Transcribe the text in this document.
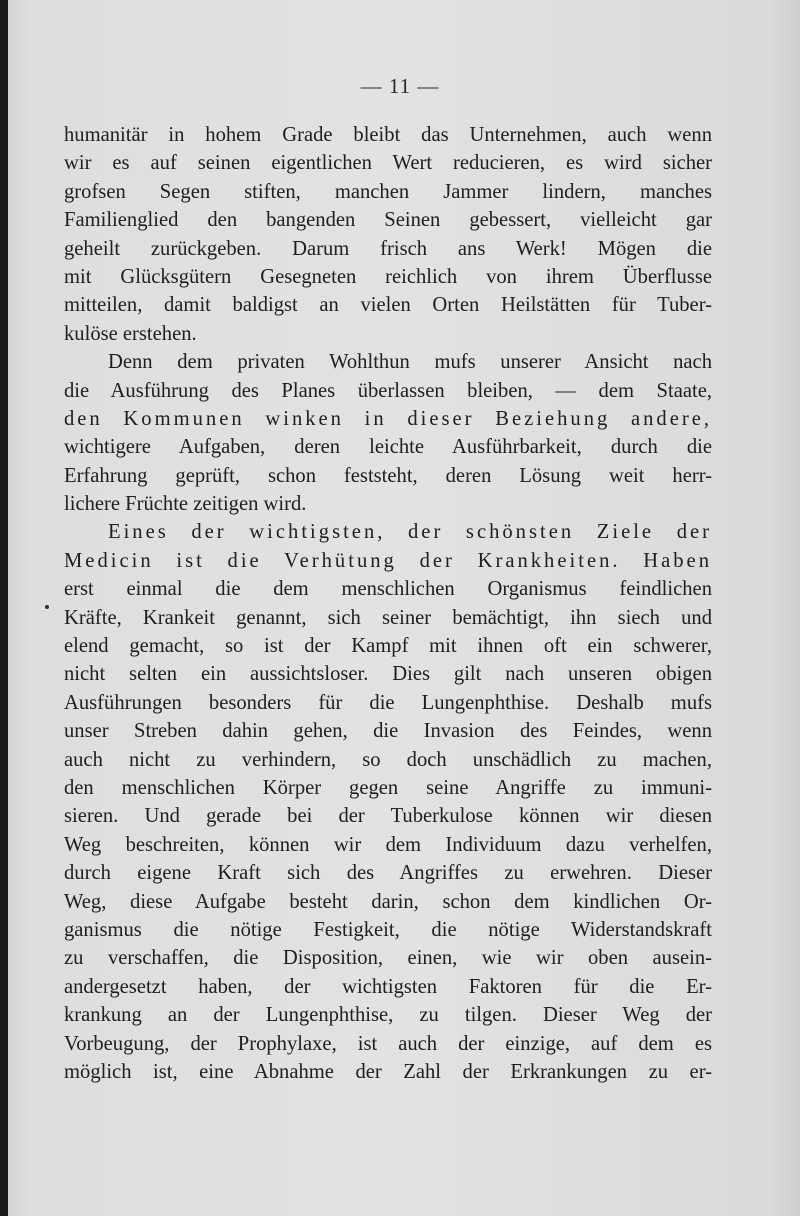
— 11 —
humanitär in hohem Grade bleibt das Unternehmen, auch wenn
wir es auf seinen eigentlichen Wert reducieren, es wird sicher
grofsen Segen stiften, manchen Jammer lindern, manches
Familienglied den bangenden Seinen gebessert, vielleicht gar
geheilt zurückgeben. Darum frisch ans Werk! Mögen die
mit Glücksgütern Gesegneten reichlich von ihrem Überflusse
mitteilen, damit baldigst an vielen Orten Heilstätten für Tuber-
kulöse erstehen.
Denn dem privaten Wohlthun mufs unserer Ansicht nach
die Ausführung des Planes überlassen bleiben, — dem Staate,
den Kommunen winken in dieser Beziehung andere,
wichtigere Aufgaben, deren leichte Ausführbarkeit, durch die
Erfahrung geprüft, schon feststeht, deren Lösung weit herr-
lichere Früchte zeitigen wird.
Eines der wichtigsten, der schönsten Ziele der
Medicin ist die Verhütung der Krankheiten. Haben
erst einmal die dem menschlichen Organismus feindlichen
Kräfte, Krankeit genannt, sich seiner bemächtigt, ihn siech und
elend gemacht, so ist der Kampf mit ihnen oft ein schwerer,
nicht selten ein aussichtsloser. Dies gilt nach unseren obigen
Ausführungen besonders für die Lungenphthise. Deshalb mufs
unser Streben dahin gehen, die Invasion des Feindes, wenn
auch nicht zu verhindern, so doch unschädlich zu machen,
den menschlichen Körper gegen seine Angriffe zu immuni-
sieren. Und gerade bei der Tuberkulose können wir diesen
Weg beschreiten, können wir dem Individuum dazu verhelfen,
durch eigene Kraft sich des Angriffes zu erwehren. Dieser
Weg, diese Aufgabe besteht darin, schon dem kindlichen Or-
ganismus die nötige Festigkeit, die nötige Widerstandskraft
zu verschaffen, die Disposition, einen, wie wir oben ausein-
andergesetzt haben, der wichtigsten Faktoren für die Er-
krankung an der Lungenphthise, zu tilgen. Dieser Weg der
Vorbeugung, der Prophylaxe, ist auch der einzige, auf dem es
möglich ist, eine Abnahme der Zahl der Erkrankungen zu er-
